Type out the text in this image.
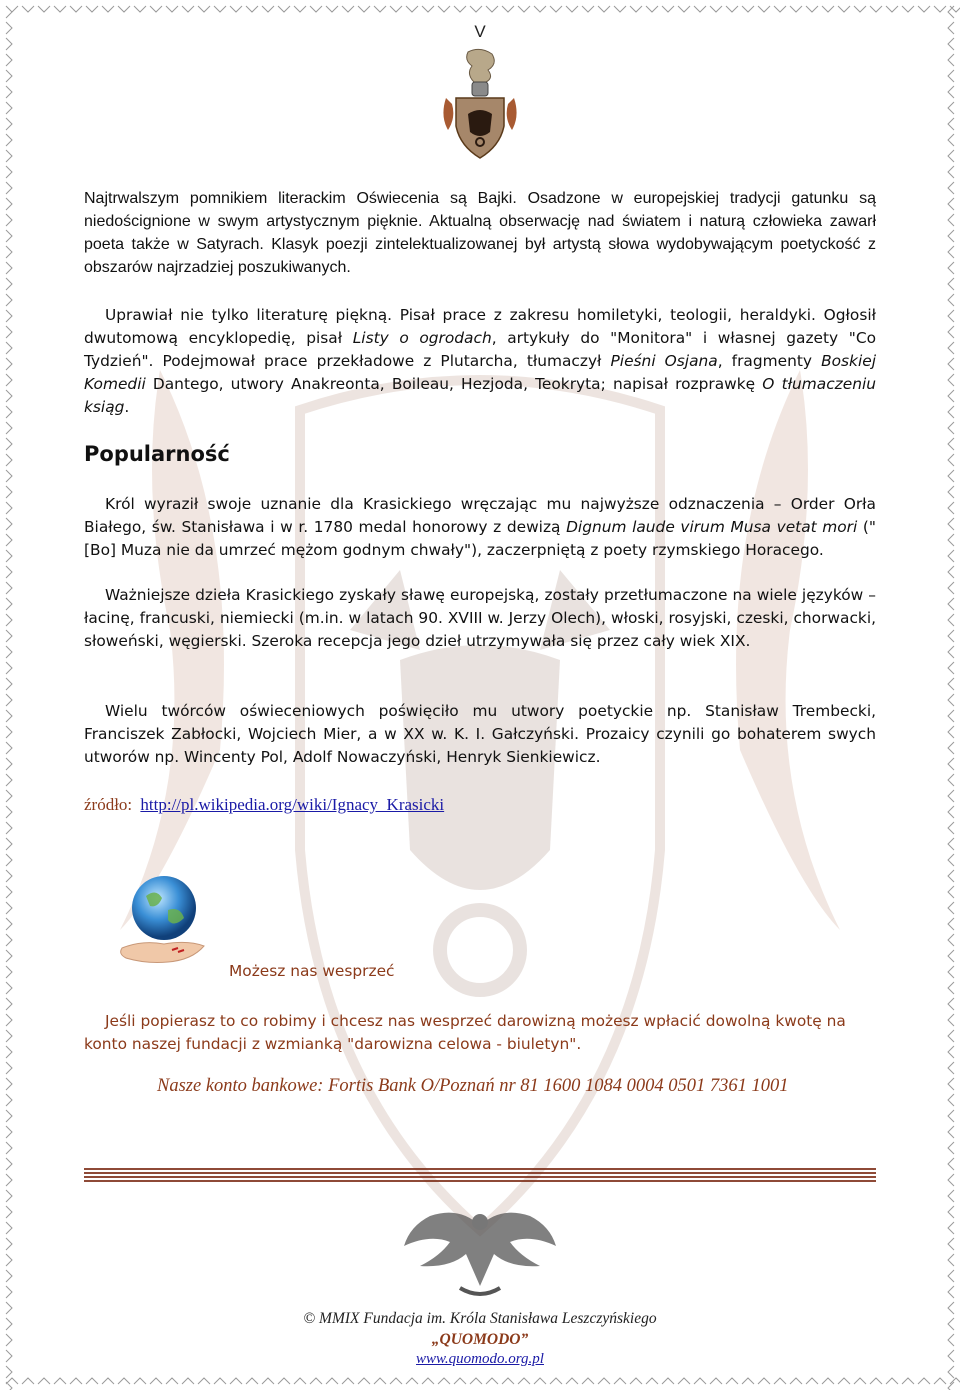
V
Najtrwalszym pomnikiem literackim Oświecenia są Bajki. Osadzone w europejskiej tradycji gatunku są niedoścignione w swym artystycznym pięknie. Aktualną obserwację nad światem i naturą człowieka zawarł poeta także w Satyrach. Klasyk poezji zintelektualizowanej był artystą słowa wydobywającym poetyckość z obszarów najrzadziej poszukiwanych.
Uprawiał nie tylko literaturę piękną. Pisał prace z zakresu homiletyki, teologii, heraldyki. Ogłosił dwutomową encyklopedię, pisał Listy o ogrodach, artykuły do "Monitora" i własnej gazety "Co Tydzień". Podejmował prace przekładowe z Plutarcha, tłumaczył Pieśni Osjana, fragmenty Boskiej Komedii Dantego, utwory Anakreonta, Boileau, Hezjoda, Teokryta; napisał rozprawkę O tłumaczeniu ksiąg.
Popularność
Król wyraził swoje uznanie dla Krasickiego wręczając mu najwyższe odznaczenia – Order Orła Białego, św. Stanisława i w r. 1780 medal honorowy z dewizą Dignum laude virum Musa vetat mori ("[Bo] Muza nie da umrzeć mężom godnym chwały"), zaczerpniętą z poety rzymskiego Horacego.
Ważniejsze dzieła Krasickiego zyskały sławę europejską, zostały przetłumaczone na wiele języków – łacinę, francuski, niemiecki (m.in. w latach 90. XVIII w. Jerzy Olech), włoski, rosyjski, czeski, chorwacki, słoweński, węgierski. Szeroka recepcja jego dzieł utrzymywała się przez cały wiek XIX.
Wielu twórców oświeceniowych poświęciło mu utwory poetyckie np. Stanisław Trembecki, Franciszek Zabłocki, Wojciech Mier, a w XX w. K. I. Gałczyński. Prozaicy czynili go bohaterem swych utworów np. Wincenty Pol, Adolf Nowaczyński, Henryk Sienkiewicz.
źródło: http://pl.wikipedia.org/wiki/Ignacy_Krasicki
Możesz nas wesprzeć
Jeśli popierasz to co robimy i chcesz nas wesprzeć darowizną możesz wpłacić dowolną kwotę na konto naszej fundacji z wzmianką "darowizna celowa - biuletyn".
Nasze konto bankowe: Fortis Bank O/Poznań nr 81 1600 1084 0004 0501 7361 1001
© MMIX Fundacja im. Króla Stanisława Leszczyńskiego
„QUOMODO”
www.quomodo.org.pl
